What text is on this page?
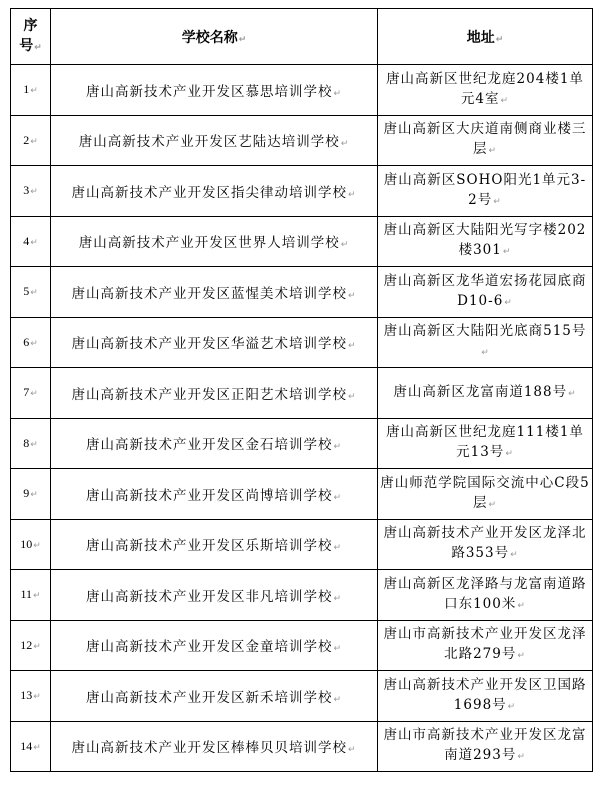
序
号↵	学校名称↵	地址↵
1↵	唐山高新技术产业开发区慕思培训学校↵	唐山高新区世纪龙庭204楼1单元4室↵
2↵	唐山高新技术产业开发区艺陆达培训学校↵	唐山高新区大庆道南侧商业楼三层↵
3↵	唐山高新技术产业开发区指尖律动培训学校↵	唐山高新区SOHO阳光1单元3-2号↵
4↵	唐山高新技术产业开发区世界人培训学校↵	唐山高新区大陆阳光写字楼202楼301↵
5↵	唐山高新技术产业开发区蓝惺美术培训学校↵	唐山高新区龙华道宏扬花园底商D10-6↵
6↵	唐山高新技术产业开发区华溢艺术培训学校↵	唐山高新区大陆阳光底商515号↵
7↵	唐山高新技术产业开发区正阳艺术培训学校↵	唐山高新区龙富南道188号↵
8↵	唐山高新技术产业开发区金石培训学校↵	唐山高新区世纪龙庭111楼1单元13号↵
9↵	唐山高新技术产业开发区尚博培训学校↵	唐山师范学院国际交流中心C段5层↵
10↵	唐山高新技术产业开发区乐斯培训学校↵	唐山高新技术产业开发区龙泽北路353号↵
11↵	唐山高新技术产业开发区非凡培训学校↵	唐山高新区龙泽路与龙富南道路口东100米↵
12↵	唐山高新技术产业开发区金童培训学校↵	唐山市高新技术产业开发区龙泽北路279号↵
13↵	唐山高新技术产业开发区新禾培训学校↵	唐山高新技术产业开发区卫国路1698号↵
14↵	唐山高新技术产业开发区棒棒贝贝培训学校↵	唐山市高新技术产业开发区龙富南道293号↵
